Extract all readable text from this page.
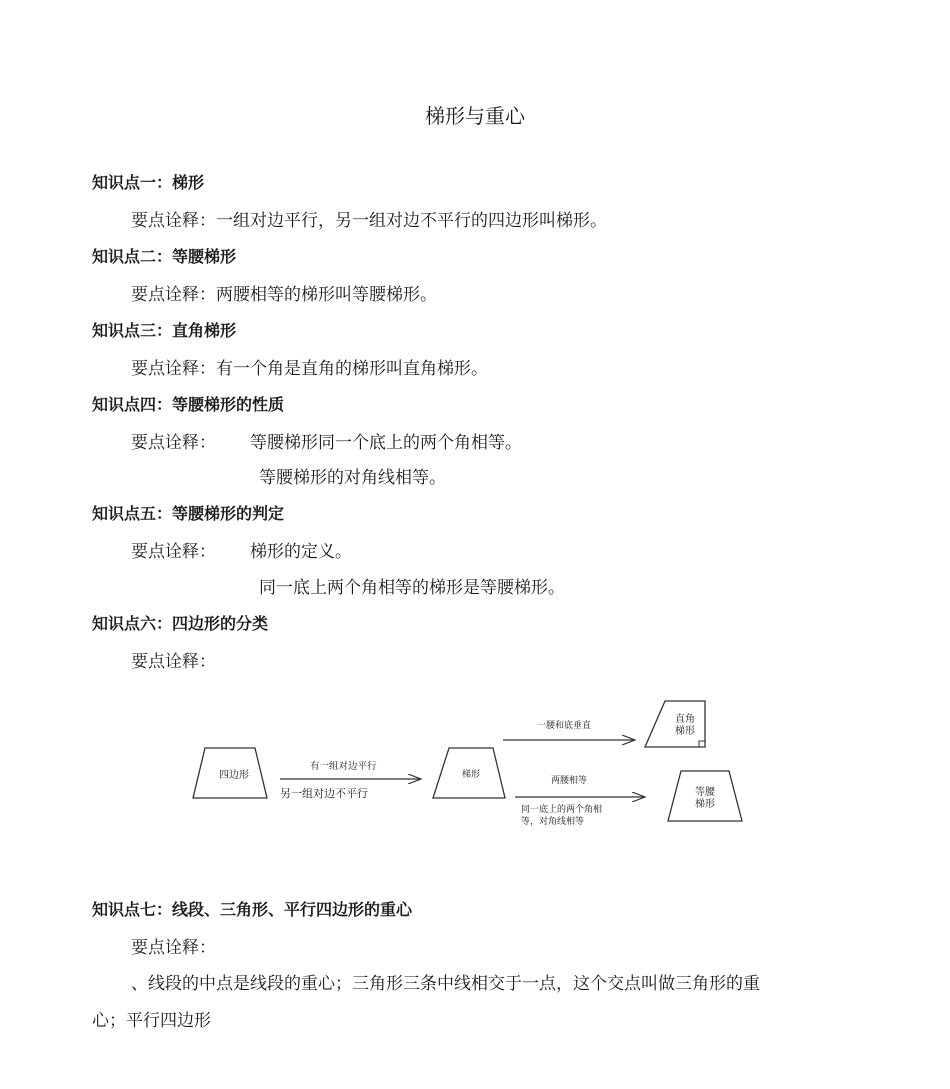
梯形与重心
知识点一：梯形
要点诠释：一组对边平行，另一组对边不平行的四边形叫梯形。
知识点二：等腰梯形
要点诠释：两腰相等的梯形叫等腰梯形。
知识点三：直角梯形
要点诠释：有一个角是直角的梯形叫直角梯形。
知识点四：等腰梯形的性质
要点诠释： 等腰梯形同一个底上的两个角相等。
等腰梯形的对角线相等。
知识点五：等腰梯形的判定
要点诠释： 梯形的定义。
同一底上两个角相等的梯形是等腰梯形。
知识点六：四边形的分类
要点诠释：
四边形
有一组对边平行
另一组对边不平行
梯形
一腰和底垂直
直角
梯形
两腰相等
同一底上的两个角相
等，对角线相等
等腰
梯形
知识点七：线段、三角形、平行四边形的重心
要点诠释：
、线段的中点是线段的重心；三角形三条中线相交于一点，这个交点叫做三角形的重
心；平行四边形
